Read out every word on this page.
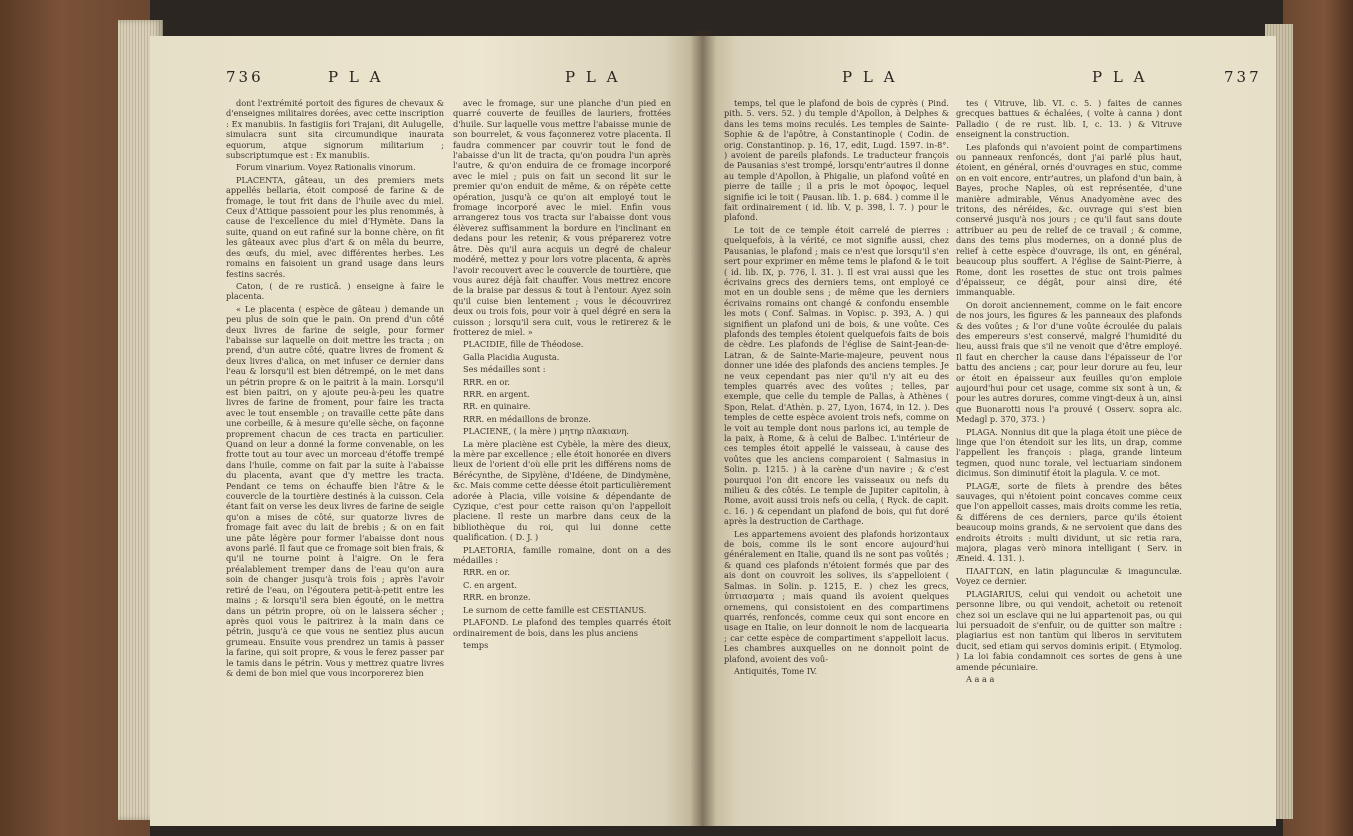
736	P L A	P L A

dont l'extrémité portoit des figures de chevaux & d'enseignes militaires dorées, avec cette inscription : Ex manubiis. In fastigiis fori Trajani, dit Aulugelle, simulacra sunt sita circumundique inaurata equorum, atque signorum militarium ; subscriptumque est : Ex manubiis.

Forum vinarium. Voyez Rationalis vinorum.

PLACENTA, gâteau, un des premiers mets appellés bellaria, étoit composé de farine & de fromage, le tout frit dans de l'huile avec du miel. Ceux d'Attique passoient pour les plus renommés, à cause de l'excellence du miel d'Hymète. Dans la suite, quand on eut rafiné sur la bonne chère, on fit les gâteaux avec plus d'art & on mêla du beurre, des œufs, du miel, avec différentes herbes. Les romains en faisoient un grand usage dans leurs festins sacrés.

Caton, ( de re rusticâ. ) enseigne à faire le placenta.

« Le placenta ( espèce de gâteau ) demande un peu plus de soin que le pain. On prend d'un côté deux livres de farine de seigle, pour former l'abaisse sur laquelle on doit mettre les tracta ; on prend, d'un autre côté, quatre livres de froment & deux livres d'alica, on met infuser ce dernier dans l'eau & lorsqu'il est bien détrempé, on le met dans un pétrin propre & on le paitrit à la main. Lorsqu'il est bien paitri, on y ajoute peu-à-peu les quatre livres de farine de froment, pour faire les tracta avec le tout ensemble ; on travaille cette pâte dans une corbeille, & à mesure qu'elle sèche, on façonne proprement chacun de ces tracta en particulier. Quand on leur a donné la forme convenable, on les frotte tout au tour avec un morceau d'étoffe trempé dans l'huile, comme on fait par la suite à l'abaisse du placenta, avant que d'y mettre les tracta. Pendant ce tems on échauffe bien l'âtre & le couvercle de la tourtière destinés à la cuisson. Cela étant fait on verse les deux livres de farine de seigle qu'on a mises de côté, sur quatorze livres de fromage fait avec du lait de brebis ; & on en fait une pâte légère pour former l'abaisse dont nous avons parlé. Il faut que ce fromage soit bien frais, & qu'il ne tourne point à l'aigre. On le fera préalablement tremper dans de l'eau qu'on aura soin de changer jusqu'à trois fois ; après l'avoir retiré de l'eau, on l'égoutera petit-à-petit entre les mains ; & lorsqu'il sera bien égouté, on le mettra dans un pétrin propre, où on le laissera sécher ; après quoi vous le paitrirez à la main dans ce pétrin, jusqu'à ce que vous ne sentiez plus aucun grumeau. Ensuite vous prendrez un tamis à passer la farine, qui soit propre, & vous le ferez passer par le tamis dans le pétrin. Vous y mettrez quatre livres & demi de bon miel que vous incorporerez bien

avec le fromage, sur une planche d'un pied en quarré couverte de feuilles de lauriers, frottées d'huile. Sur laquelle vous mettre l'abaisse munie de son bourrelet, & vous façonnerez votre placenta. Il faudra commencer par couvrir tout le fond de l'abaisse d'un lit de tracta, qu'on poudra l'un après l'autre, & qu'on enduira de ce fromage incorporé avec le miel ; puis on fait un second lit sur le premier qu'on enduit de même, & on répète cette opération, jusqu'à ce qu'on ait employé tout le fromage incorporé avec le miel. Enfin vous arrangerez tous vos tracta sur l'abaisse dont vous élèverez suffisamment la bordure en l'inclinant en dedans pour les retenir, & vous préparerez votre âtre. Dès qu'il aura acquis un degré de chaleur modéré, mettez y pour lors votre placenta, & après l'avoir recouvert avec le couvercle de tourtière, que vous aurez déjà fait chauffer. Vous mettrez encore de la braise par dessus & tout à l'entour. Ayez soin qu'il cuise bien lentement ; vous le découvrirez deux ou trois fois, pour voir à quel dégré en sera la cuisson ; lorsqu'il sera cuit, vous le retirerez & le frotterez de miel. »

PLACIDIE, fille de Théodose.

Galla Placidia Augusta.

Ses médailles sont :

RRR. en or.

RRR. en argent.

RR. en quinaire.

RRR. en médaillons de bronze.

PLACIENE, ( la mère ) μητηρ πλακιανη.

La mère placiène est Cybèle, la mère des dieux, la mère par excellence ; elle étoit honorée en divers lieux de l'orient d'où elle prit les différens noms de Bérécynthe, de Sipylène, d'Idéene, de Dindymène, &c. Mais comme cette déesse étoit particulièrement adorée à Placia, ville voisine & dépendante de Cyzique, c'est pour cette raison qu'on l'appelloit placiene. Il reste un marbre dans ceux de la bibliothèque du roi, qui lui donne cette qualification. ( D. J. )

PLAETORIA, famille romaine, dont on a des médailles :

RRR. en or.

C. en argent.

RRR. en bronze.

Le surnom de cette famille est CESTIANUS.

PLAFOND. Le plafond des temples quarrés étoit ordinairement de bois, dans les plus anciens

temps

P L A	P L A	737

temps, tel que le plafond de bois de cyprès ( Pind. pith. 5. vers. 52. ) du temple d'Apollon, à Delphes & dans les tems moins reculés. Les temples de Sainte-Sophie & de l'apôtre, à Constantinople ( Codin. de orig. Constantinop. p. 16, 17, edit, Lugd. 1597. in-8°. ) avoient de pareils plafonds. Le traducteur françois de Pausanias s'est trompé, lorsqu'entr'autres il donne au temple d'Apollon, à Phigalie, un plafond voûté en pierre de taille ; il a pris le mot ὀροφος, lequel signifie ici le toit ( Pausan. lib. 1. p. 684. ) comme il le fait ordinairement ( id. lib. V, p. 398, l. 7. ) pour le plafond.

Le toit de ce temple étoit carrelé de pierres : quelquefois, à la vérité, ce mot signifie aussi, chez Pausanias, le plafond ; mais ce n'est que lorsqu'il s'en sert pour exprimer en même tems le plafond & le toit ( id. lib. IX, p. 776, l. 31. ). Il est vrai aussi que les écrivains grecs des derniers tems, ont employé ce mot en un double sens ; de même que les derniers écrivains romains ont changé & confondu ensemble les mots ( Conf. Salmas. in Vopisc. p. 393, A. ) qui signifient un plafond uni de bois, & une voûte. Ces plafonds des temples étoient quelquefois faits de bois de cèdre. Les plafonds de l'église de Saint-Jean-de-Latran, & de Sainte-Marie-majeure, peuvent nous donner une idée des plafonds des anciens temples. Je ne veux cependant pas nier qu'il n'y ait eu des temples quarrés avec des voûtes ; telles, par exemple, que celle du temple de Pallas, à Athènes ( Spon, Relat. d'Athèn. p. 27, Lyon, 1674, in 12. ). Des temples de cette espèce avoient trois nefs, comme on le voit au temple dont nous parlons ici, au temple de la paix, à Rome, & à celui de Balbec. L'intérieur de ces temples étoit appellé le vaisseau, à cause des voûtes que les anciens comparoient ( Salmasius in Solin. p. 1215. ) à la carène d'un navire ; & c'est pourquoi l'on dit encore les vaisseaux ou nefs du milieu & des côtés. Le temple de Jupiter capitolin, à Rome, avoit aussi trois nefs ou cella, ( Ryck. de capit. c. 16. ) & cependant un plafond de bois, qui fut doré après la destruction de Carthage.

Les appartemens avoient des plafonds horizontaux de bois, comme ils le sont encore aujourd'hui généralement en Italie, quand ils ne sont pas voûtés ; & quand ces plafonds n'étoient formés que par des ais dont on couvroit les solives, ils s'appelloient ( Salmas. in Solin. p. 1215, E. ) chez les grecs, ὑπτιασματα ; mais quand ils avoient quelques ornemens, qui consistoient en des compartimens quarrés, renfoncés, comme ceux qui sont encore en usage en Italie, on leur donnoit le nom de lacquearia ; car cette espèce de compartiment s'appelloit lacus. Les chambres auxquelles on ne donnoit point de plafond, avoient des voû-

Antiquités, Tome IV.

tes ( Vitruve, lib. VI. c. 5. ) faites de cannes grecques battues & échalées, ( volte à canna ) dont Palladio ( de re rust. lib. I, c. 13. ) & Vitruve enseignent la construction.

Les plafonds qui n'avoient point de compartimens ou panneaux renfoncés, dont j'ai parlé plus haut, étoient, en général, ornés d'ouvrages en stuc, comme on en voit encore, entr'autres, un plafond d'un bain, à Bayes, proche Naples, où est représentée, d'une manière admirable, Vénus Anadyomène avec des tritons, des néréides, &c. ouvrage qui s'est bien conservé jusqu'à nos jours ; ce qu'il faut sans doute attribuer au peu de relief de ce travail ; & comme, dans des tems plus modernes, on a donné plus de relief à cette espèce d'ouvrage, ils ont, en général, beaucoup plus souffert. A l'église de Saint-Pierre, à Rome, dont les rosettes de stuc ont trois palmes d'épaisseur, ce dégât, pour ainsi dire, été immanquable.

On doroit anciennement, comme on le fait encore de nos jours, les figures & les panneaux des plafonds & des voûtes ; & l'or d'une voûte écroulée du palais des empereurs s'est conservé, malgré l'humidité du lieu, aussi frais que s'il ne venoit que d'être employé. Il faut en chercher la cause dans l'épaisseur de l'or battu des anciens ; car, pour leur dorure au feu, leur or étoit en épaisseur aux feuilles qu'on emploie aujourd'hui pour cet usage, comme six sont à un, & pour les autres dorures, comme vingt-deux à un, ainsi que Buonarotti nous l'a prouvé ( Osserv. sopra alc. Medagl p. 370, 373. )

PLAGA. Nonnius dit que la plaga étoit une pièce de linge que l'on étendoit sur les lits, un drap, comme l'appellent les françois : plaga, grande linteum tegmen, quod nunc torale, vel lectuariam sindonem dicimus. Son diminutif étoit la plagula. V. ce mot.

PLAGÆ, sorte de filets à prendre des bêtes sauvages, qui n'étoient point concaves comme ceux que l'on appelloit casses, mais droits comme les retia, & différens de ces derniers, parce qu'ils étoient beaucoup moins grands, & ne servoient que dans des endroits étroits : multi dividunt, ut sic retia rara, majora, plagas verò minora intelligant ( Serv. in Æneid. 4. 131. ).

ΠΛΑΓΓΩΝ, en latin plagunculæ & imagunculæ. Voyez ce dernier.

PLAGIARIUS, celui qui vendoit ou achetoit une personne libre, ou qui vendoit, achetoit ou retenoit chez soi un esclave qui ne lui appartenoit pas, ou qui lui persuadoit de s'enfuir, ou de quitter son maître : plagiarius est non tantùm qui liberos in servitutem ducit, sed etiam qui servos dominis eripit. ( Etymolog. ) La loi fabia condamnoit ces sortes de gens à une amende pécuniaire.

A a a a
